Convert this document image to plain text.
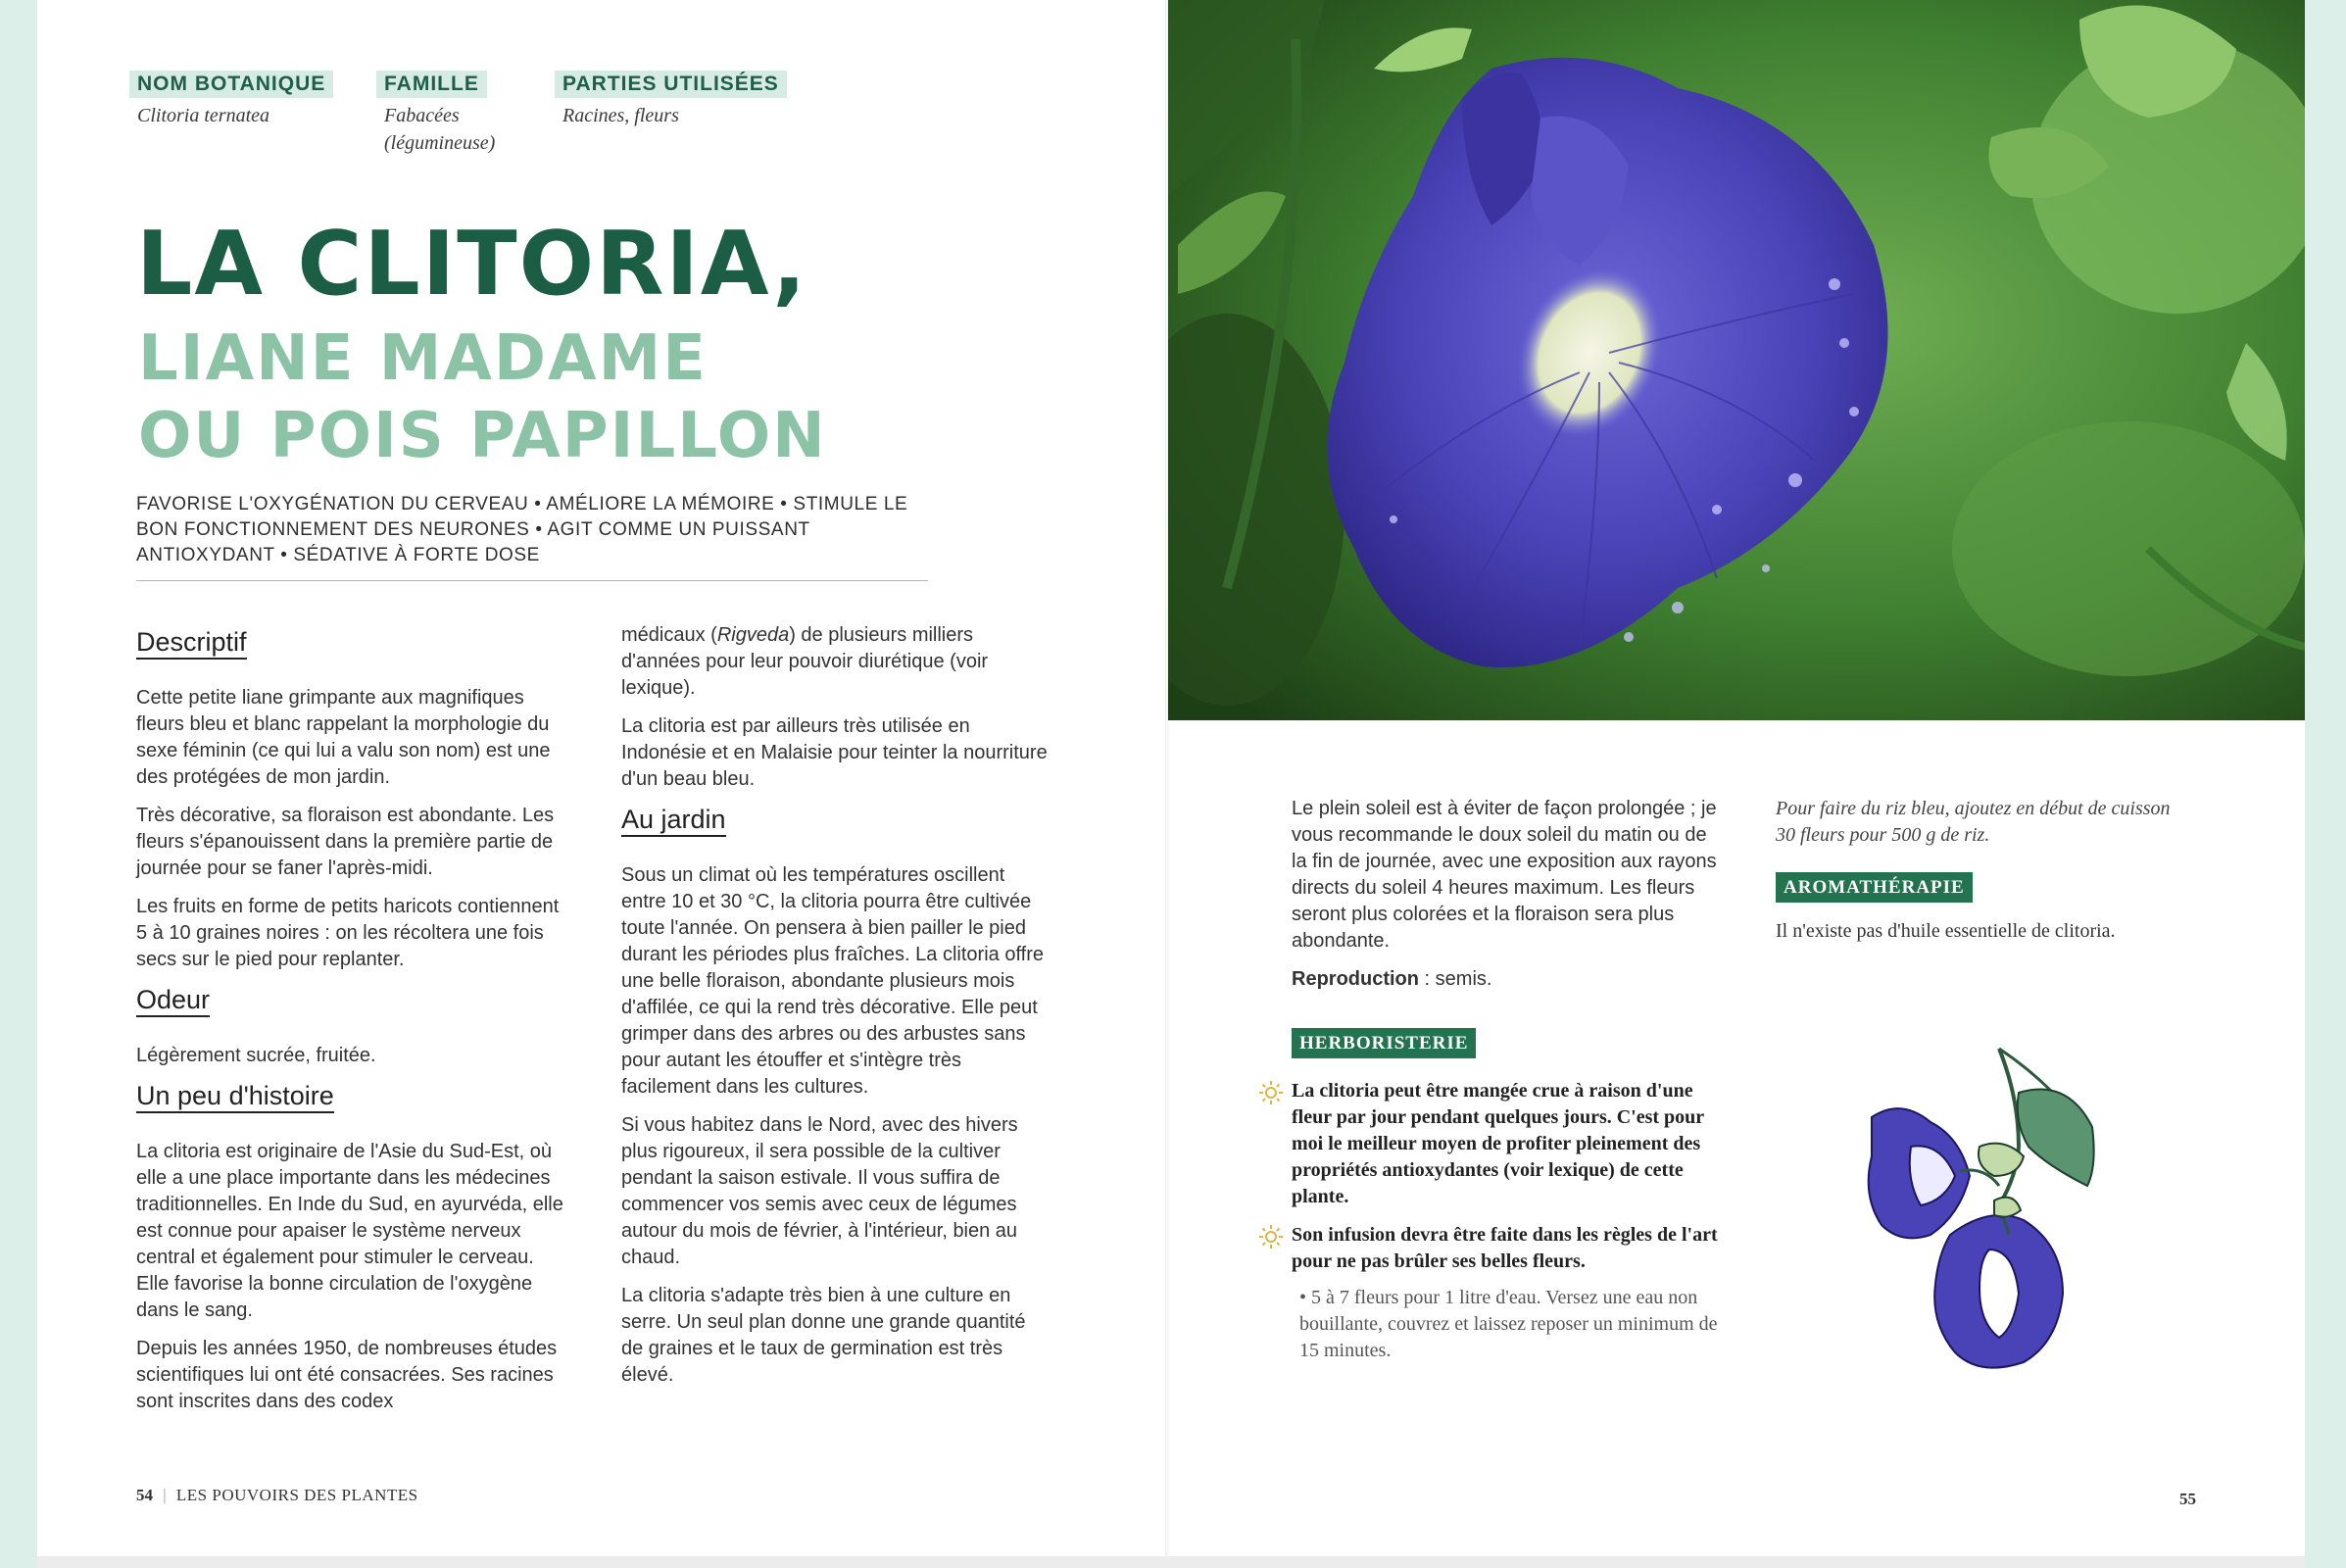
NOM BOTANIQUE
Clitoria ternatea
FAMILLE
Fabacées (légumineuse)
PARTIES UTILISÉES
Racines, fleurs
LA CLITORIA,
LIANE MADAME
OU POIS PAPILLON

FAVORISE L'OXYGÉNATION DU CERVEAU • AMÉLIORE LA MÉMOIRE • STIMULE LE BON FONCTIONNEMENT DES NEURONES • AGIT COMME UN PUISSANT ANTIOXYDANT • SÉDATIVE À FORTE DOSE

Descriptif

Cette petite liane grimpante aux magnifiques fleurs bleu et blanc rappelant la morphologie du sexe féminin (ce qui lui a valu son nom) est une des protégées de mon jardin.

Très décorative, sa floraison est abondante. Les fleurs s'épanouissent dans la première partie de journée pour se faner l'après-midi.

Les fruits en forme de petits haricots contiennent 5 à 10 graines noires : on les récoltera une fois secs sur le pied pour replanter.

Odeur

Légèrement sucrée, fruitée.

Un peu d'histoire

La clitoria est originaire de l'Asie du Sud-Est, où elle a une place importante dans les médecines traditionnelles. En Inde du Sud, en ayurvéda, elle est connue pour apaiser le système nerveux central et également pour stimuler le cerveau. Elle favorise la bonne circulation de l'oxygène dans le sang.

Depuis les années 1950, de nombreuses études scientifiques lui ont été consacrées. Ses racines sont inscrites dans des codex

médicaux (Rigveda) de plusieurs milliers d'années pour leur pouvoir diurétique (voir lexique).

La clitoria est par ailleurs très utilisée en Indonésie et en Malaisie pour teinter la nourriture d'un beau bleu.

Au jardin

Sous un climat où les températures oscillent entre 10 et 30 °C, la clitoria pourra être cultivée toute l'année. On pensera à bien pailler le pied durant les périodes plus fraîches. La clitoria offre une belle floraison, abondante plusieurs mois d'affilée, ce qui la rend très décorative. Elle peut grimper dans des arbres ou des arbustes sans pour autant les étouffer et s'intègre très facilement dans les cultures.

Si vous habitez dans le Nord, avec des hivers plus rigoureux, il sera possible de la cultiver pendant la saison estivale. Il vous suffira de commencer vos semis avec ceux de légumes autour du mois de février, à l'intérieur, bien au chaud.

La clitoria s'adapte très bien à une culture en serre. Un seul plan donne une grande quantité de graines et le taux de germination est très élevé.

Le plein soleil est à éviter de façon prolongée ; je vous recommande le doux soleil du matin ou de la fin de journée, avec une exposition aux rayons directs du soleil 4 heures maximum. Les fleurs seront plus colorées et la floraison sera plus abondante.

Reproduction : semis.

HERBORISTERIE
La clitoria peut être mangée crue à raison d'une fleur par jour pendant quelques jours. C'est pour moi le meilleur moyen de profiter pleinement des propriétés antioxydantes (voir lexique) de cette plante.
Son infusion devra être faite dans les règles de l'art pour ne pas brûler ses belles fleurs.

• 5 à 7 fleurs pour 1 litre d'eau. Versez une eau non bouillante, couvrez et laissez reposer un minimum de 15 minutes.

Pour faire du riz bleu, ajoutez en début de cuisson 30 fleurs pour 500 g de riz.

AROMATHÉRAPIE

Il n'existe pas d'huile essentielle de clitoria.

54 | LES POUVOIRS DES PLANTES	55
